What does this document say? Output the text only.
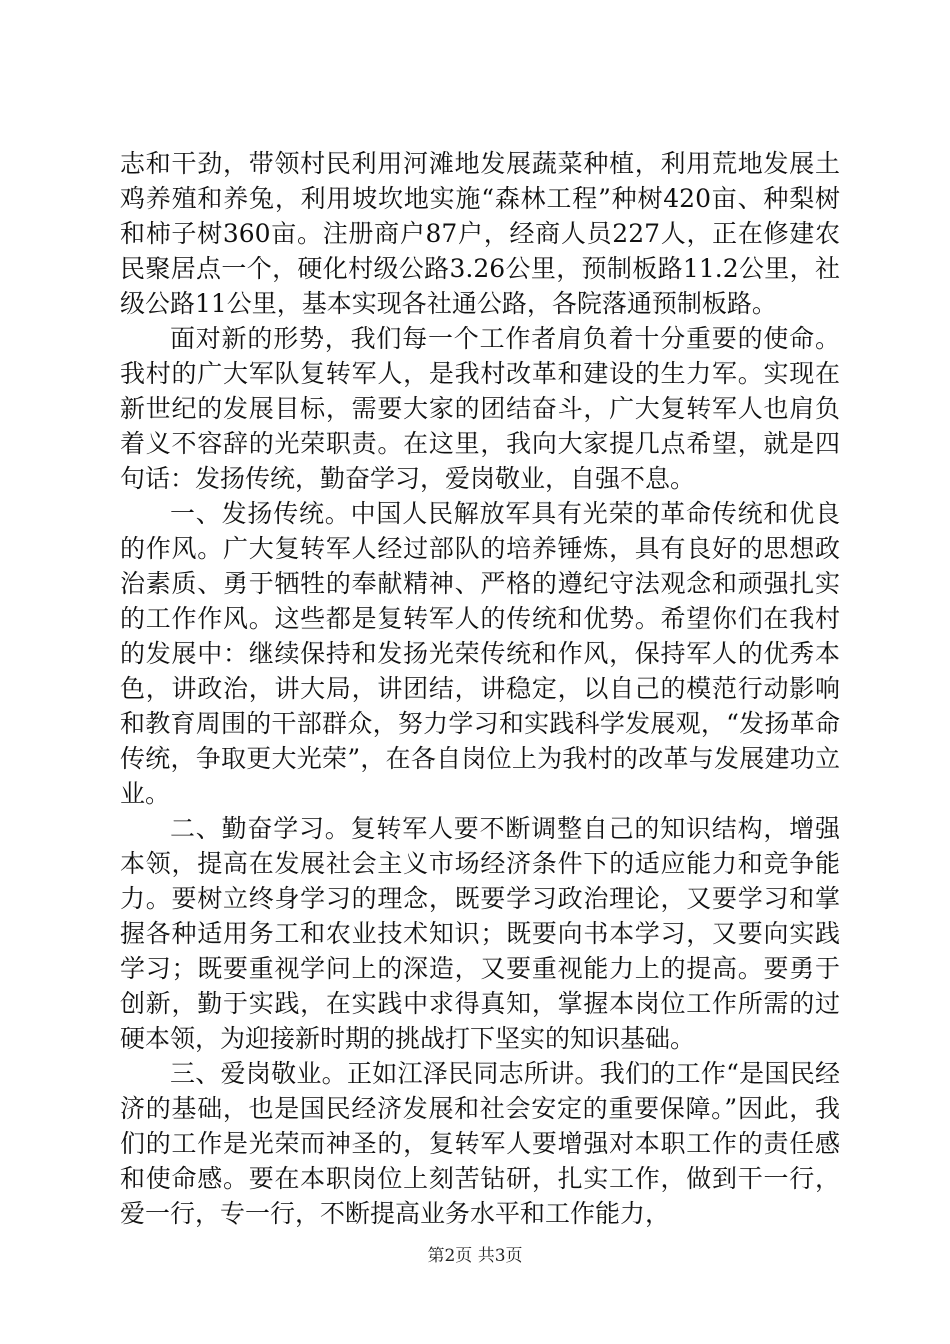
志和干劲，带领村民利用河滩地发展蔬菜种植，利用荒地发展土鸡养殖和养兔，利用坡坎地实施“森林工程”种树420亩、种梨树和柿子树360亩。注册商户87户，经商人员227人，正在修建农民聚居点一个，硬化村级公路3.26公里，预制板路11.2公里，社级公路11公里，基本实现各社通公路，各院落通预制板路。

面对新的形势，我们每一个工作者肩负着十分重要的使命。我村的广大军队复转军人，是我村改革和建设的生力军。实现在新世纪的发展目标，需要大家的团结奋斗，广大复转军人也肩负着义不容辞的光荣职责。在这里，我向大家提几点希望，就是四句话：发扬传统，勤奋学习，爱岗敬业，自强不息。

一、发扬传统。中国人民解放军具有光荣的革命传统和优良的作风。广大复转军人经过部队的培养锤炼，具有良好的思想政治素质、勇于牺牲的奉献精神、严格的遵纪守法观念和顽强扎实的工作作风。这些都是复转军人的传统和优势。希望你们在我村的发展中：继续保持和发扬光荣传统和作风，保持军人的优秀本色，讲政治，讲大局，讲团结，讲稳定，以自己的模范行动影响和教育周围的干部群众，努力学习和实践科学发展观，“发扬革命传统，争取更大光荣”，在各自岗位上为我村的改革与发展建功立业。

二、勤奋学习。复转军人要不断调整自己的知识结构，增强本领，提高在发展社会主义市场经济条件下的适应能力和竞争能力。要树立终身学习的理念，既要学习政治理论，又要学习和掌握各种适用务工和农业技术知识；既要向书本学习，又要向实践学习；既要重视学问上的深造，又要重视能力上的提高。要勇于创新，勤于实践，在实践中求得真知，掌握本岗位工作所需的过硬本领，为迎接新时期的挑战打下坚实的知识基础。

三、爱岗敬业。正如江泽民同志所讲。我们的工作“是国民经济的基础，也是国民经济发展和社会安定的重要保障。”因此，我们的工作是光荣而神圣的，复转军人要增强对本职工作的责任感和使命感。要在本职岗位上刻苦钻研，扎实工作，做到干一行，爱一行，专一行，不断提高业务水平和工作能力，

第2页 共3页
